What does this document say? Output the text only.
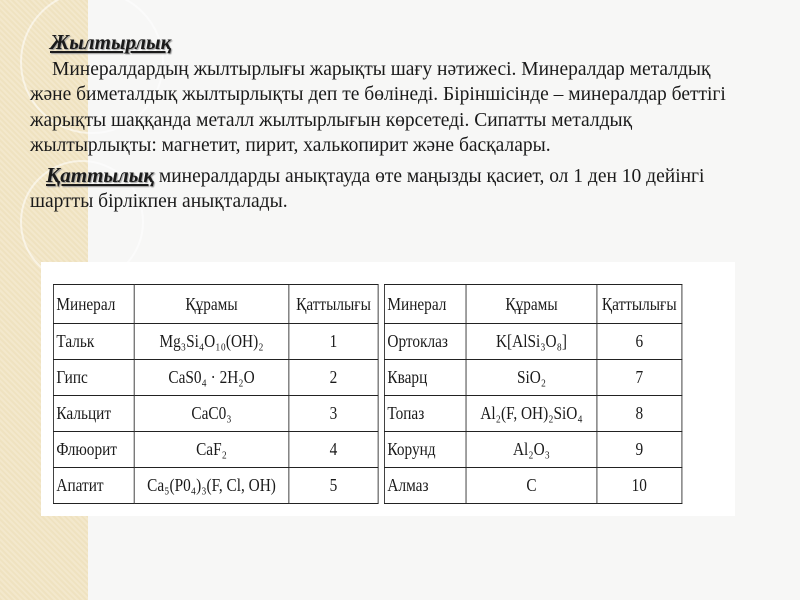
Жылтырлық

Минералдардың жылтырлығы жарықты шағу нәтижесі. Минералдар металдық және биметалдық жылтырлықты деп те бөлінеді. Біріншісінде – минералдар беттігі жарықты шаққанда металл жылтырлығын көрсетеді. Сипатты металдық жылтырлықты: магнетит, пирит, халькопирит және басқалары.

Қаттылық минералдарды анықтауда өте маңызды қасиет, ол 1 ден 10 дейінгі шартты бірлікпен анықталады.

Минерал	Құрамы	Қаттылығы
Тальк	Mg₃Si₄O₁₀(OH)₂	1
Гипс	CaS0₄ · 2H₂O	2
Кальцит	CaC0₃	3
Флюорит	CaF₂	4
Апатит	Ca₅(P0₄)₃(F, Cl, OH)	5
Минерал	Құрамы	Қаттылығы
Ортоклаз	K[AlSi₃O₈]	6
Кварц	SiO₂	7
Топаз	Al₂(F, OH)₂SiO₄	8
Корунд	Al₂O₃	9
Алмаз	C	10
